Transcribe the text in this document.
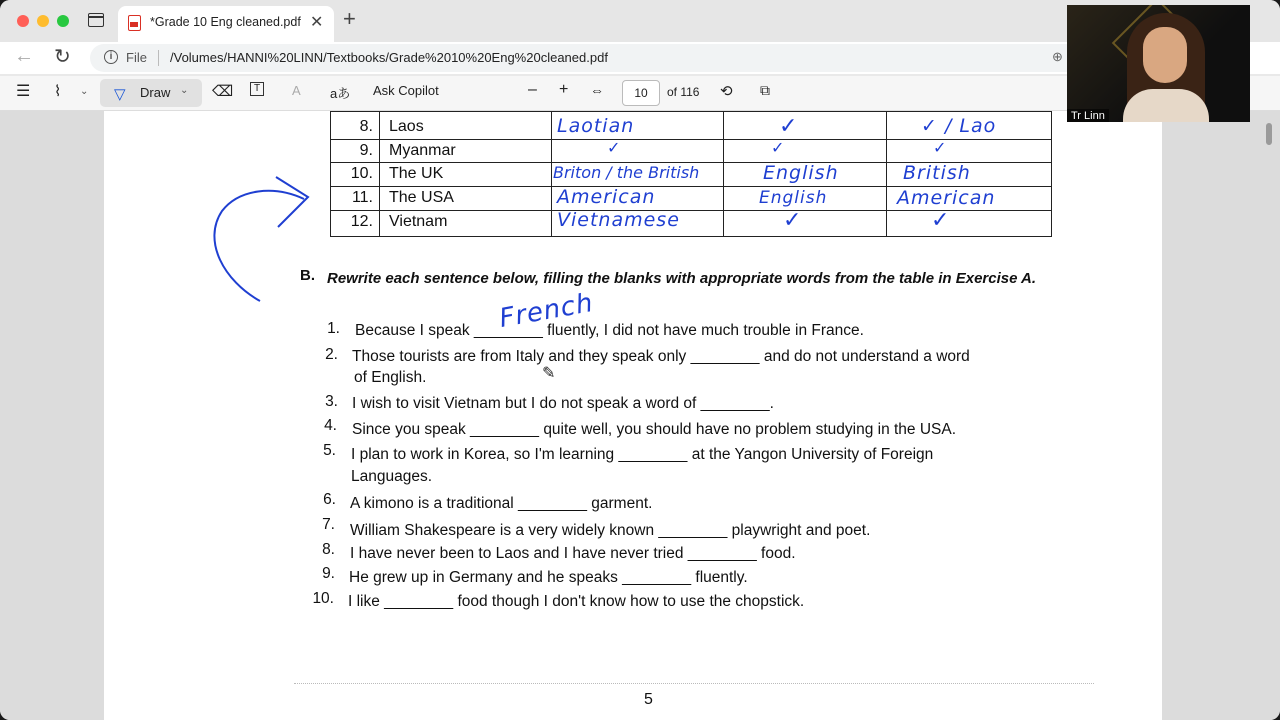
*Grade 10 Eng cleaned.pdf ✕ +
← ↻	i	File /Volumes/HANNI%20LINN/Textbooks/Grade%2010%20Eng%20cleaned.pdf	⊕
☰ ⌇ ⌄ ▽ Draw ⌄ ⌫	T	A aあ Ask Copilot	– + ⇔	10	of 116 ⟲ ⧉
8. Laos	Laotian	✓	✓ / Lao
9. Myanmar	✓	✓	✓
10. The UK	Briton / the British	English	British
11. The USA	American	English	American
12. Vietnam	Vietnamese	✓	✓
B. Rewrite each sentence below, filling the blanks with appropriate words from the table in Exercise A.
1. Because I speak ________ fluently, I did not have much trouble in France.
French
2. Those tourists are from Italy and they speak only ________ and do not understand a word
of English.	✎
3. I wish to visit Vietnam but I do not speak a word of ________.
4. Since you speak ________ quite well, you should have no problem studying in the USA.
5. I plan to work in Korea, so I'm learning ________ at the Yangon University of Foreign
Languages.
6. A kimono is a traditional ________ garment.
7. William Shakespeare is a very widely known ________ playwright and poet.
8. I have never been to Laos and I have never tried ________ food.
9. He grew up in Germany and he speaks ________ fluently.
10. I like ________ food though I don't know how to use the chopstick.
5
Tr Linn
